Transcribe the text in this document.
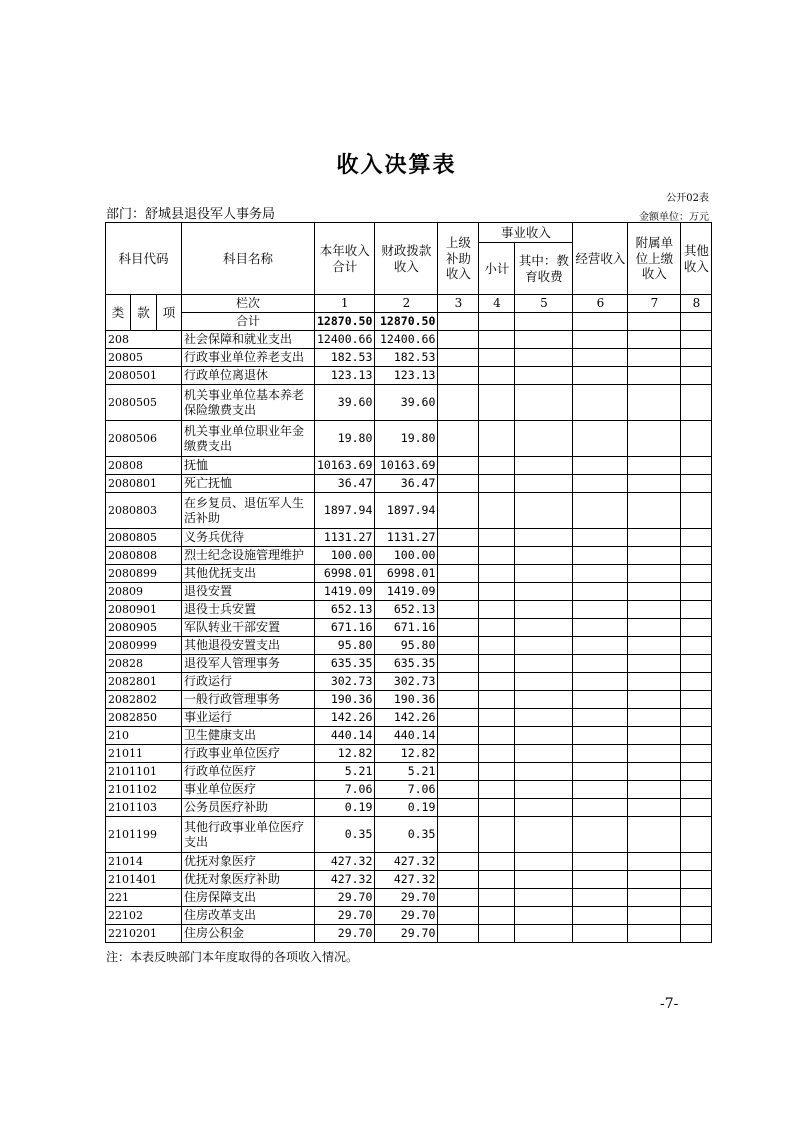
收入决算表
公开02表
部门：舒城县退役军人事务局	金额单位：万元
科目代码			科目名称	本年收入合计	财政拨款收入	上级补助收入	事业收入		经营收入	附属单位上缴收入	其他收入
							小计	其中：教育收费			

类	款	项	栏次	1	2	3	4	5	6	7	8
			合计	12870.50	12870.50						
208			社会保障和就业支出	12400.66	12400.66						
20805			行政事业单位养老支出	182.53	182.53						
2080501			行政单位离退休	123.13	123.13						
2080505			机关事业单位基本养老保险缴费支出	39.60	39.60						
2080506			机关事业单位职业年金缴费支出	19.80	19.80						
20808			抚恤	10163.69	10163.69						
2080801			死亡抚恤	36.47	36.47						
2080803			在乡复员、退伍军人生活补助	1897.94	1897.94						
2080805			义务兵优待	1131.27	1131.27						
2080808			烈士纪念设施管理维护	100.00	100.00						
2080899			其他优抚支出	6998.01	6998.01						
20809			退役安置	1419.09	1419.09						
2080901			退役士兵安置	652.13	652.13						
2080905			军队转业干部安置	671.16	671.16						
2080999			其他退役安置支出	95.80	95.80						
20828			退役军人管理事务	635.35	635.35						
2082801			行政运行	302.73	302.73						
2082802			一般行政管理事务	190.36	190.36						
2082850			事业运行	142.26	142.26						
210			卫生健康支出	440.14	440.14						
21011			行政事业单位医疗	12.82	12.82						
2101101			行政单位医疗	5.21	5.21						
2101102			事业单位医疗	7.06	7.06						
2101103			公务员医疗补助	0.19	0.19						
2101199			其他行政事业单位医疗支出	0.35	0.35						
21014			优抚对象医疗	427.32	427.32						
2101401			优抚对象医疗补助	427.32	427.32						
221			住房保障支出	29.70	29.70						
22102			住房改革支出	29.70	29.70						
2210201			住房公积金	29.70	29.70						
注：本表反映部门本年度取得的各项收入情况。
-7-
